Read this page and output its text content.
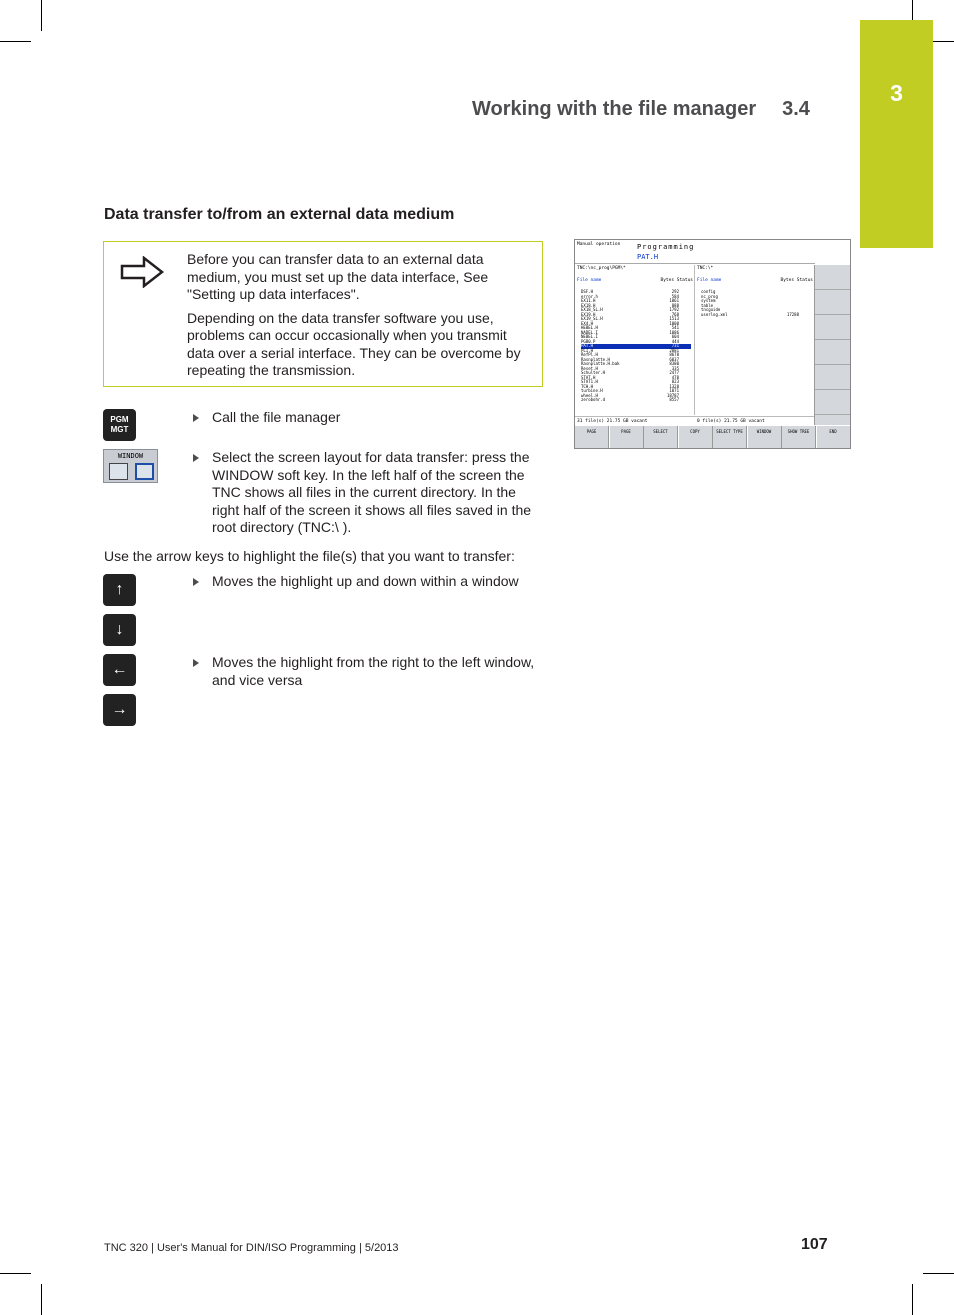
3
Working with the file manager 3.4
Data transfer to/from an external data medium

Before you can transfer data to an external data medium, you must set up the data interface, See "Setting up data interfaces".

Depending on the data transfer software you use, problems can occur occasionally when you transmit data over a serial interface. They can be overcome by repeating the transmission.

PGM
MGT
Call the file manager
WINDOW	Select the screen layout for data transfer: press the WINDOW soft key. In the left half of the screen the TNC shows all files in the current directory. In the right half of the screen it shows all files saved in the root directory (TNC:\ ).
Use the arrow keys to highlight the file(s) that you want to transfer:
↑
↓
←
→
Moves the highlight up and down within a window
Moves the highlight from the right to the left window, and vice versa
Manual operation Programming
PAT.H
TNC:\nc_prog\PGM\*
File name	Bytes Status
DSF.H	292
error.h	584
EX11.H	1061
EX18.H	888
EX18_SL.H	1792
EX19.H	768
EX19_SL.H	1513
EX4.H	1000
HEBEL.H	541
NADEL.I	1086
NEBEL.I	604
PGB0.P	444
PAT.H	731
PLI.H	2881
RefPl.H	8678
Rasnplatte.H	6037
Rasnplatte.H.bak	8380
Reset.H	335
Schulter.H	2477
STAT.H	478
STAT1.H	823
TCH.H	1328
turbine.H	1071
wheel.H	18787
zerobohr.d	8557
TNC:\*
File name	Bytes Status
config
nc_prog
system
table
tncguide
userlog.xml	17288
31 file(s) 21.75 GB vacant	0 file(s) 21.75 GB vacant
PAGE	PAGE	SELECT	COPY	SELECT TYPE	WINDOW	SHOW TREE	END
TNC 320 | User's Manual for DIN/ISO Programming | 5/2013	107
